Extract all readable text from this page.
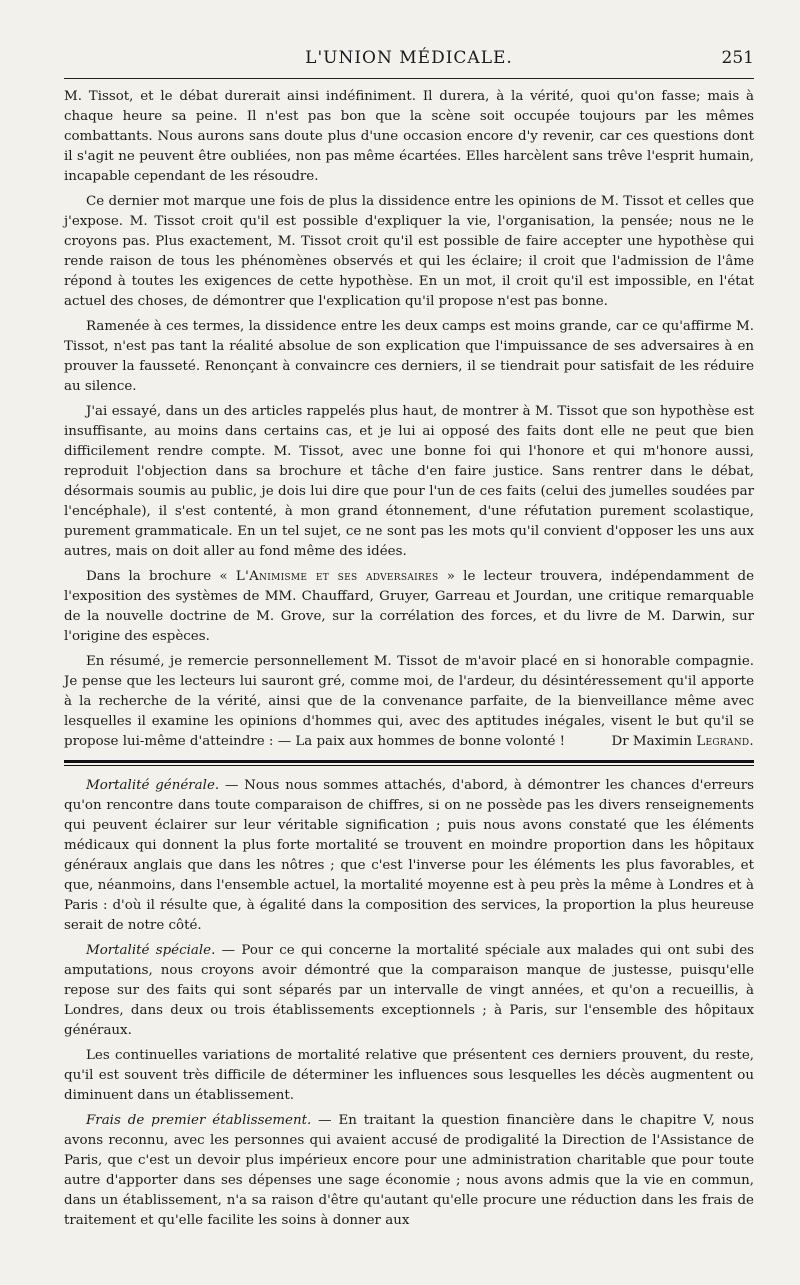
L'UNION MÉDICALE.	251

M. Tissot, et le débat durerait ainsi indéfiniment. Il durera, à la vérité, quoi qu'on fasse; mais à chaque heure sa peine. Il n'est pas bon que la scène soit occupée toujours par les mêmes combattants. Nous aurons sans doute plus d'une occasion encore d'y revenir, car ces questions dont il s'agit ne peuvent être oubliées, non pas même écartées. Elles harcèlent sans trêve l'esprit humain, incapable cependant de les résoudre.

Ce dernier mot marque une fois de plus la dissidence entre les opinions de M. Tissot et celles que j'expose. M. Tissot croit qu'il est possible d'expliquer la vie, l'organisation, la pensée; nous ne le croyons pas. Plus exactement, M. Tissot croit qu'il est possible de faire accepter une hypothèse qui rende raison de tous les phénomènes observés et qui les éclaire; il croit que l'admission de l'âme répond à toutes les exigences de cette hypothèse. En un mot, il croit qu'il est impossible, en l'état actuel des choses, de démontrer que l'explication qu'il propose n'est pas bonne.

Ramenée à ces termes, la dissidence entre les deux camps est moins grande, car ce qu'affirme M. Tissot, n'est pas tant la réalité absolue de son explication que l'impuissance de ses adversaires à en prouver la fausseté. Renonçant à convaincre ces derniers, il se tiendrait pour satisfait de les réduire au silence.

J'ai essayé, dans un des articles rappelés plus haut, de montrer à M. Tissot que son hypothèse est insuffisante, au moins dans certains cas, et je lui ai opposé des faits dont elle ne peut que bien difficilement rendre compte. M. Tissot, avec une bonne foi qui l'honore et qui m'honore aussi, reproduit l'objection dans sa brochure et tâche d'en faire justice. Sans rentrer dans le débat, désormais soumis au public, je dois lui dire que pour l'un de ces faits (celui des jumelles soudées par l'encéphale), il s'est contenté, à mon grand étonnement, d'une réfutation purement scolastique, purement grammaticale. En un tel sujet, ce ne sont pas les mots qu'il convient d'opposer les uns aux autres, mais on doit aller au fond même des idées.

Dans la brochure « L'Animisme et ses adversaires » le lecteur trouvera, indépendamment de l'exposition des systèmes de MM. Chauffard, Gruyer, Garreau et Jourdan, une critique remarquable de la nouvelle doctrine de M. Grove, sur la corrélation des forces, et du livre de M. Darwin, sur l'origine des espèces.

En résumé, je remercie personnellement M. Tissot de m'avoir placé en si honorable compagnie. Je pense que les lecteurs lui sauront gré, comme moi, de l'ardeur, du désintéressement qu'il apporte à la recherche de la vérité, ainsi que de la convenance parfaite, de la bienveillance même avec lesquelles il examine les opinions d'hommes qui, avec des aptitudes inégales, visent le but qu'il se propose lui-même d'atteindre : — La paix aux hommes de bonne volonté !	Dr Maximin Legrand.

Mortalité générale. — Nous nous sommes attachés, d'abord, à démontrer les chances d'erreurs qu'on rencontre dans toute comparaison de chiffres, si on ne possède pas les divers renseignements qui peuvent éclairer sur leur véritable signification ; puis nous avons constaté que les éléments médicaux qui donnent la plus forte mortalité se trouvent en moindre proportion dans les hôpitaux généraux anglais que dans les nôtres ; que c'est l'inverse pour les éléments les plus favorables, et que, néanmoins, dans l'ensemble actuel, la mortalité moyenne est à peu près la même à Londres et à Paris : d'où il résulte que, à égalité dans la composition des services, la proportion la plus heureuse serait de notre côté.

Mortalité spéciale. — Pour ce qui concerne la mortalité spéciale aux malades qui ont subi des amputations, nous croyons avoir démontré que la comparaison manque de justesse, puisqu'elle repose sur des faits qui sont séparés par un intervalle de vingt années, et qu'on a recueillis, à Londres, dans deux ou trois établissements exceptionnels ; à Paris, sur l'ensemble des hôpitaux généraux.

Les continuelles variations de mortalité relative que présentent ces derniers prouvent, du reste, qu'il est souvent très difficile de déterminer les influences sous lesquelles les décès augmentent ou diminuent dans un établissement.

Frais de premier établissement. — En traitant la question financière dans le chapitre V, nous avons reconnu, avec les personnes qui avaient accusé de prodigalité la Direction de l'Assistance de Paris, que c'est un devoir plus impérieux encore pour une administration charitable que pour toute autre d'apporter dans ses dépenses une sage économie ; nous avons admis que la vie en commun, dans un établissement, n'a sa raison d'être qu'autant qu'elle procure une réduction dans les frais de traitement et qu'elle facilite les soins à donner aux
